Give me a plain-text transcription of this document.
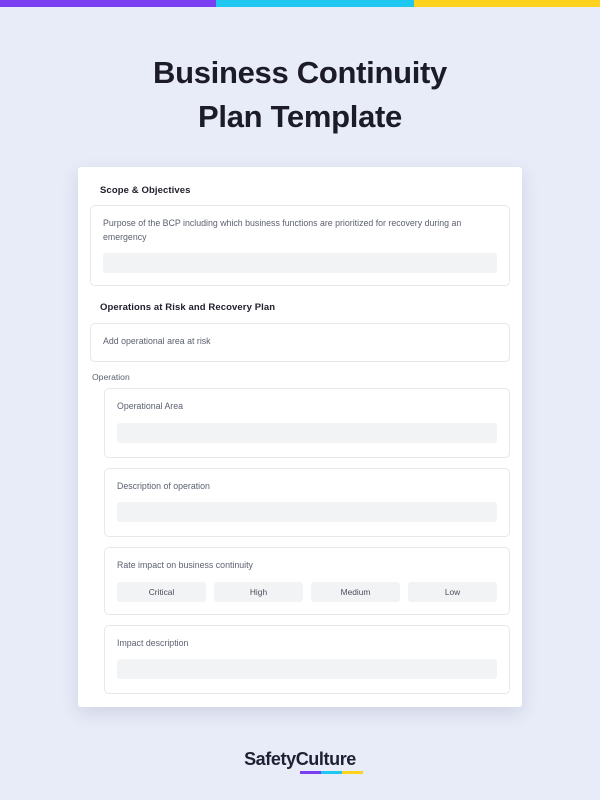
Business Continuity
Plan Template
Scope & Objectives
Purpose of the BCP including which business functions are prioritized for recovery during an emergency
Operations at Risk and Recovery Plan
Add operational area at risk
Operation
Operational Area
Description of operation
Rate impact on business continuity
Critical	High	Medium	Low
Impact description
SafetyCulture
